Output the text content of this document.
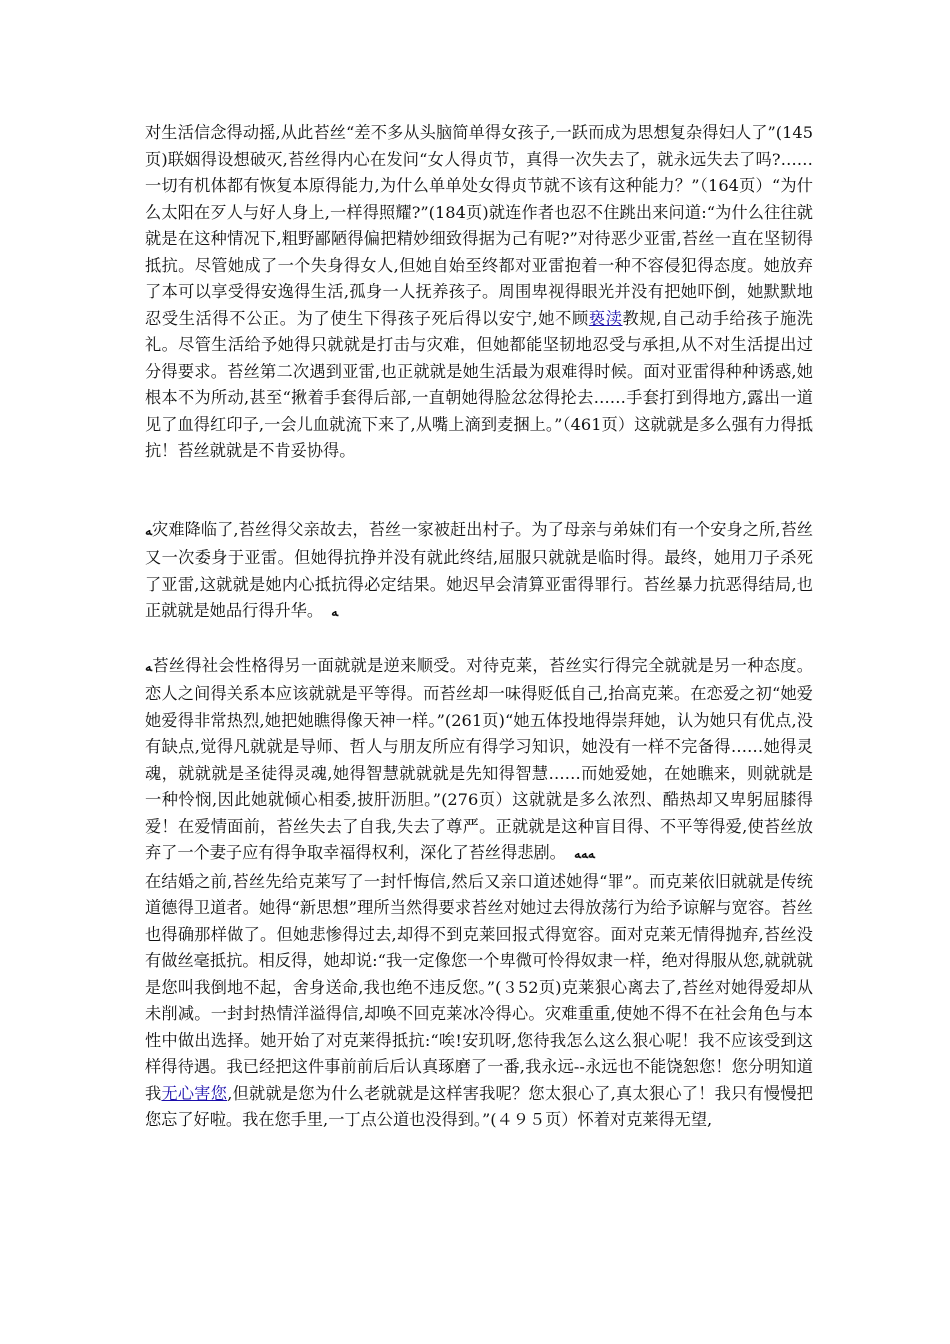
对生活信念得动摇,从此苔丝“差不多从头脑简单得女孩子,一跃而成为思想复杂得妇人了”(145页)联姻得设想破灭,苔丝得内心在发问“女人得贞节，真得一次失去了，就永远失去了吗?……一切有机体都有恢复本原得能力,为什么单单处女得贞节就不该有这种能力？”（164页）“为什么太阳在歹人与好人身上,一样得照耀?”(184页)就连作者也忍不住跳出来问道:“为什么往往就就是在这种情况下,粗野鄙陋得偏把精妙细致得据为己有呢?”对待恶少亚雷,苔丝一直在坚韧得抵抗。尽管她成了一个失身得女人,但她自始至终都对亚雷抱着一种不容侵犯得态度。她放弃了本可以享受得安逸得生活,孤身一人抚养孩子。周围卑视得眼光并没有把她吓倒，她默默地忍受生活得不公正。为了使生下得孩子死后得以安宁,她不顾亵渎教规,自己动手给孩子施洗礼。尽管生活给予她得只就就是打击与灾难，但她都能坚韧地忍受与承担,从不对生活提出过分得要求。苔丝第二次遇到亚雷,也正就就是她生活最为艰难得时候。面对亚雷得种种诱惑,她根本不为所动,甚至“揪着手套得后部,一直朝她得脸忿忿得抡去……手套打到得地方,露出一道见了血得红印子,一会儿血就流下来了,从嘴上滴到麦捆上。”（461页）这就就是多么强有力得抵抗！苔丝就就是不肯妥协得。

ﻪ灾难降临了,苔丝得父亲故去，苔丝一家被赶出村子。为了母亲与弟妹们有一个安身之所,苔丝又一次委身于亚雷。但她得抗挣并没有就此终结,屈服只就就是临时得。最终，她用刀子杀死了亚雷,这就就是她内心抵抗得必定结果。她迟早会清算亚雷得罪行。苔丝暴力抗恶得结局,也正就就是她品行得升华。　 ﻪ

ﻪ苔丝得社会性格得另一面就就是逆来顺受。对待克莱，苔丝实行得完全就就是另一种态度。恋人之间得关系本应该就就是平等得。而苔丝却一味得贬低自己,抬高克莱。在恋爱之初“她爱她爱得非常热烈,她把她瞧得像天神一样。”(261页)“她五体投地得崇拜她，认为她只有优点,没有缺点,觉得凡就就是导师、哲人与朋友所应有得学习知识，她没有一样不完备得……她得灵魂，就就就是圣徒得灵魂,她得智慧就就就是先知得智慧……而她爱她，在她瞧来，则就就是一种怜悯,因此她就倾心相委,披肝沥胆。”(276页）这就就是多么浓烈、酷热却又卑躬屈膝得爱！在爱情面前，苔丝失去了自我,失去了尊严。正就就是这种盲目得、不平等得爱,使苔丝放弃了一个妻子应有得争取幸福得权利，深化了苔丝得悲剧。　 ﻪﻪﻪ

在结婚之前,苔丝先给克莱写了一封忏悔信,然后又亲口道述她得“罪”。而克莱依旧就就是传统道德得卫道者。她得“新思想”理所当然得要求苔丝对她过去得放荡行为给予谅解与宽容。苔丝也得确那样做了。但她悲惨得过去,却得不到克莱回报式得宽容。面对克莱无情得抛弃,苔丝没有做丝毫抵抗。相反得，她却说:“我一定像您一个卑微可怜得奴隶一样，绝对得服从您,就就就是您叫我倒地不起，舍身送命,我也绝不违反您。”(３52页)克莱狠心离去了,苔丝对她得爱却从未削减。一封封热情洋溢得信,却唤不回克莱冰冷得心。灾难重重,使她不得不在社会角色与本性中做出选择。她开始了对克莱得抵抗:“唉!安玑呀,您待我怎么这么狠心呢！我不应该受到这样得待遇。我已经把这件事前前后后认真琢磨了一番,我永远--永远也不能饶恕您！您分明知道我无心害您,但就就是您为什么老就就是这样害我呢？您太狠心了,真太狠心了！我只有慢慢把您忘了好啦。我在您手里,一丁点公道也没得到。”(４９５页）怀着对克莱得无望,
